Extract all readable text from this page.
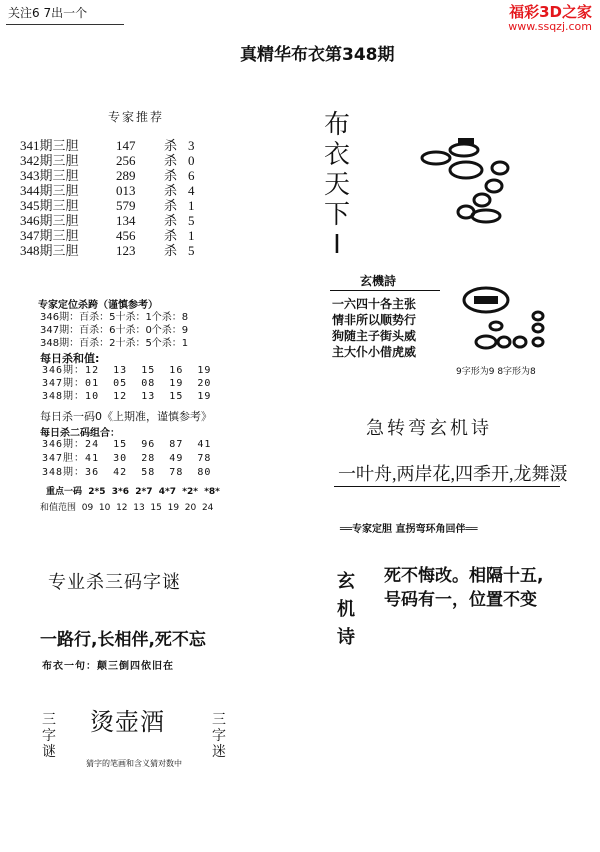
关注6 7出一个	福彩3D之家
www.ssqzj.com
真精华布衣第348期
专家推荐
341期三胆	147	杀 3
342期三胆	256	杀 0
343期三胆	289	杀 6
344期三胆	013	杀 4
345期三胆	579	杀 1
346期三胆	134	杀 5
347期三胆	456	杀 1
348期三胆	123	杀 5
专家定位杀跨（谨慎参考）
346期：百杀：5十杀：1个杀：8
347期：百杀：6十杀：0个杀：9
348期：百杀：2十杀：5个杀：1
每日杀和值:
346期：12  13  15  16  19
347期：01  05  08  19  20
348期：10  12  13  15  19
每日杀一码0《上期准，谨慎参考》
每日杀二码组合：
346期：24  15  96  87  41
347胆：41  30  28  49  78
348期：36  42  58  78  80
重点一码  2*5  3*6  2*7  4*7  *2*  *8*
和值范围  09  10  12  13  15  19  20  24
专业杀三码字谜
一路行,长相伴,死不忘
布衣一句：颠三倒四依旧在
三字谜
三字迷
烫壶酒
猜字的笔画和含义猜对数中
布衣天下Ⅰ
玄機詩
一六四十各主张
情非所以顺势行
狗随主子街头威
主大仆小借虎威
9字形为9 8字形为8
急转弯玄机诗
一叶舟,两岸花,四季开,龙舞滠
══专家定胆 直拐弯环角回伴══
玄机诗
死不悔改。相隔十五,
号码有一，位置不变
